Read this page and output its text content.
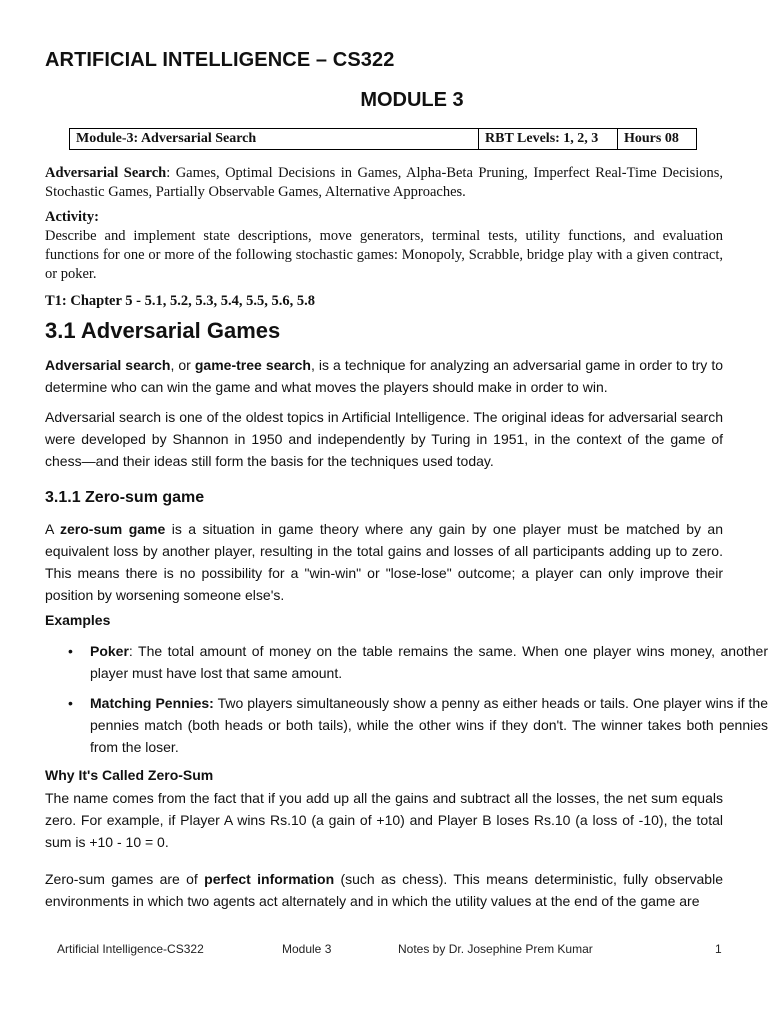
ARTIFICIAL INTELLIGENCE – CS322
MODULE 3
Module-3: Adversarial Search	RBT Levels: 1, 2, 3	Hours 08

Adversarial Search: Games, Optimal Decisions in Games, Alpha-Beta Pruning, Imperfect Real-Time Decisions, Stochastic Games, Partially Observable Games, Alternative Approaches.

Activity:

Describe and implement state descriptions, move generators, terminal tests, utility functions, and evaluation functions for one or more of the following stochastic games: Monopoly, Scrabble, bridge play with a given contract, or poker.

T1: Chapter 5 - 5.1, 5.2, 5.3, 5.4, 5.5, 5.6, 5.8

3.1 Adversarial Games

Adversarial search, or game-tree search, is a technique for analyzing an adversarial game in order to try to determine who can win the game and what moves the players should make in order to win.

Adversarial search is one of the oldest topics in Artificial Intelligence. The original ideas for adversarial search were developed by Shannon in 1950 and independently by Turing in 1951, in the context of the game of chess—and their ideas still form the basis for the techniques used today.

3.1.1 Zero-sum game

A zero-sum game is a situation in game theory where any gain by one player must be matched by an equivalent loss by another player, resulting in the total gains and losses of all participants adding up to zero. This means there is no possibility for a "win-win" or "lose-lose" outcome; a player can only improve their position by worsening someone else's.

Examples

• Poker: The total amount of money on the table remains the same. When one player wins money, another player must have lost that same amount.
• Matching Pennies: Two players simultaneously show a penny as either heads or tails. One player wins if the pennies match (both heads or both tails), while the other wins if they don't. The winner takes both pennies from the loser.

Why It's Called Zero-Sum

The name comes from the fact that if you add up all the gains and subtract all the losses, the net sum equals zero. For example, if Player A wins Rs.10 (a gain of +10) and Player B loses Rs.10 (a loss of -10), the total sum is +10 - 10 = 0.

Zero-sum games are of perfect information (such as chess). This means deterministic, fully observable environments in which two agents act alternately and in which the utility values at the end of the game are

Artificial Intelligence-CS322	Module 3	Notes by Dr. Josephine Prem Kumar	1
